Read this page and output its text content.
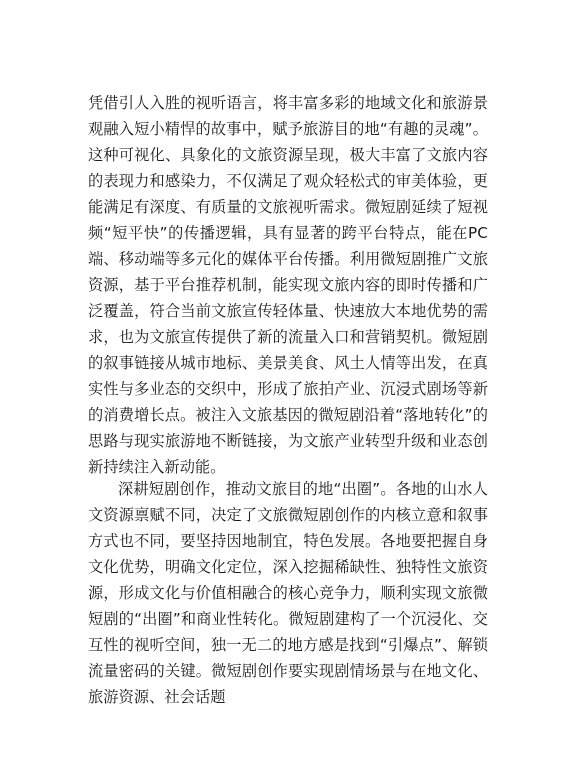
凭借引人入胜的视听语言，将丰富多彩的地域文化和旅游景观融入短小精悍的故事中，赋予旅游目的地“有趣的灵魂”。这种可视化、具象化的文旅资源呈现，极大丰富了文旅内容的表现力和感染力，不仅满足了观众轻松式的审美体验，更能满足有深度、有质量的文旅视听需求。微短剧延续了短视频“短平快”的传播逻辑，具有显著的跨平台特点，能在PC端、移动端等多元化的媒体平台传播。利用微短剧推广文旅资源，基于平台推荐机制，能实现文旅内容的即时传播和广泛覆盖，符合当前文旅宣传轻体量、快速放大本地优势的需求，也为文旅宣传提供了新的流量入口和营销契机。微短剧的叙事链接从城市地标、美景美食、风土人情等出发，在真实性与多业态的交织中，形成了旅拍产业、沉浸式剧场等新的消费增长点。被注入文旅基因的微短剧沿着“落地转化”的思路与现实旅游地不断链接，为文旅产业转型升级和业态创新持续注入新动能。

深耕短剧创作，推动文旅目的地“出圈”。各地的山水人文资源禀赋不同，决定了文旅微短剧创作的内核立意和叙事方式也不同，要坚持因地制宜，特色发展。各地要把握自身文化优势，明确文化定位，深入挖掘稀缺性、独特性文旅资源，形成文化与价值相融合的核心竞争力，顺利实现文旅微短剧的“出圈”和商业性转化。微短剧建构了一个沉浸化、交互性的视听空间，独一无二的地方感是找到“引爆点”、解锁流量密码的关键。微短剧创作要实现剧情场景与在地文化、旅游资源、社会话题
